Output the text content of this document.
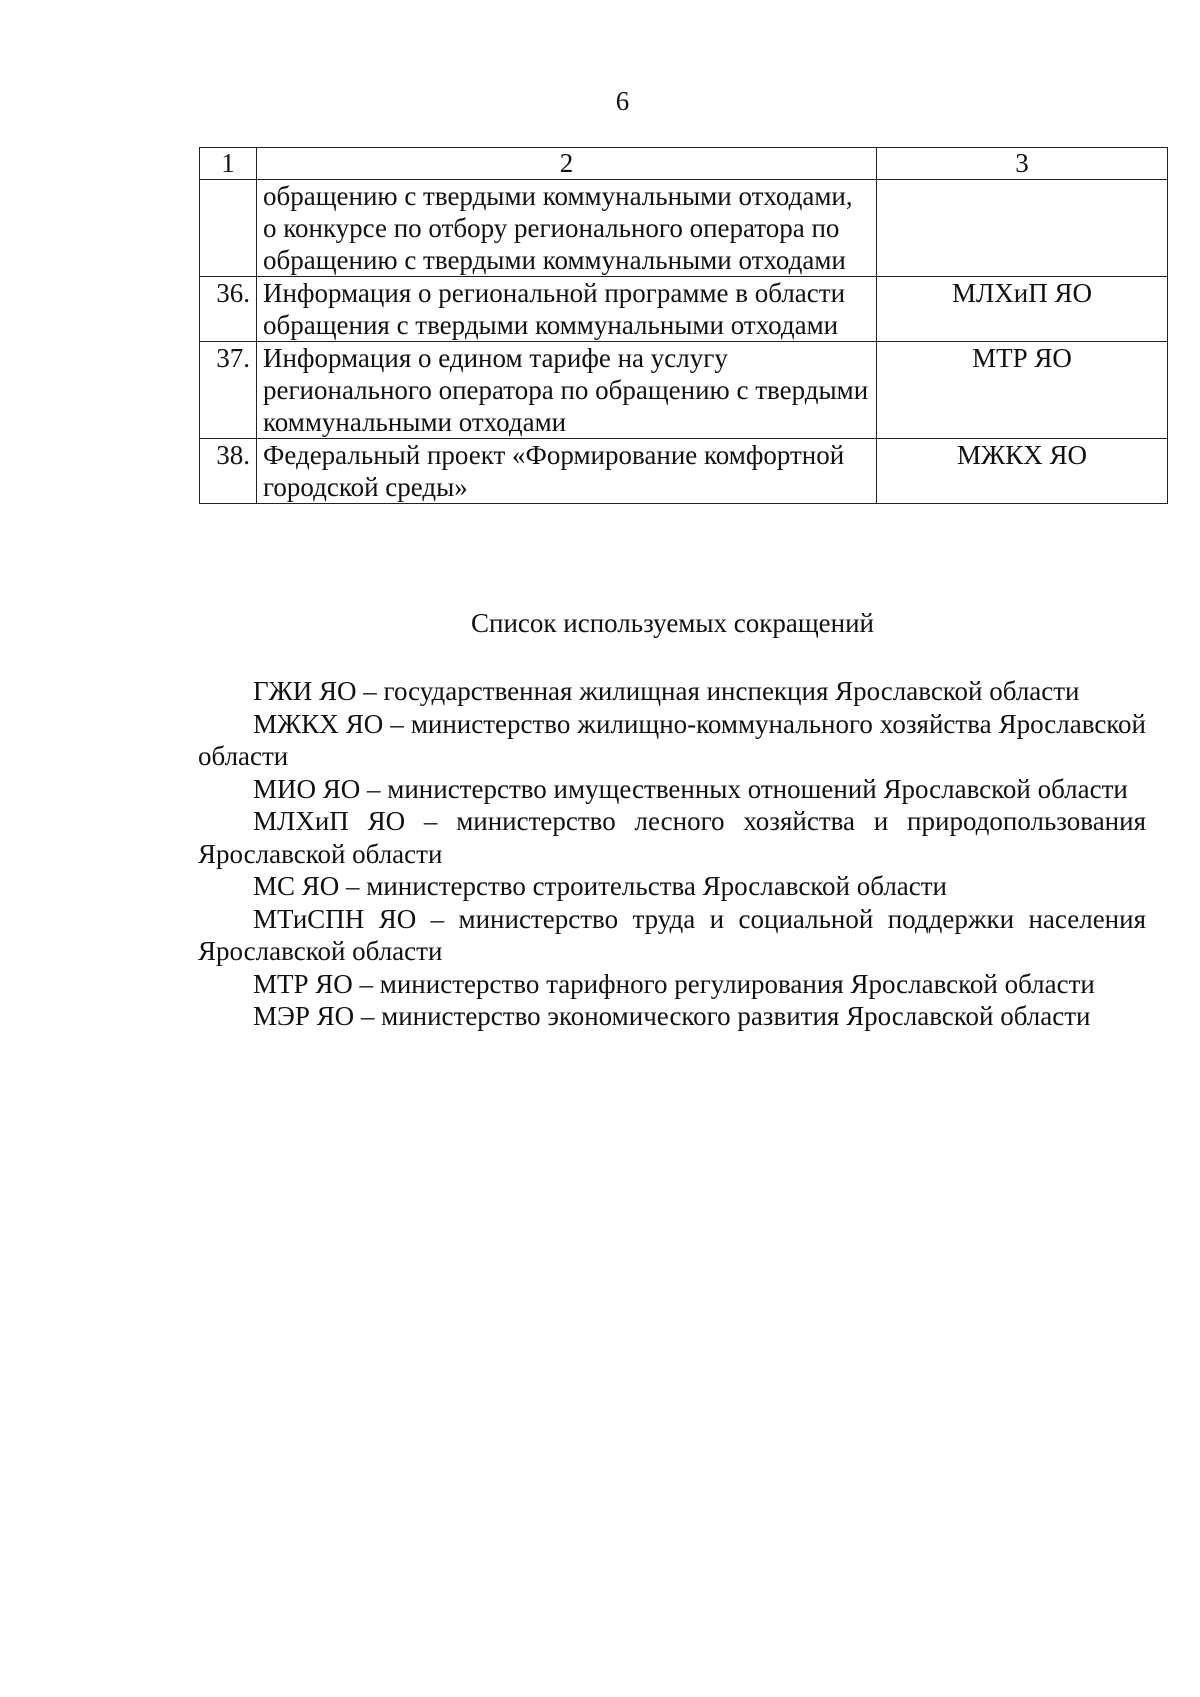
6
1	2	3
	обращению с твердыми коммунальными отходами, о конкурсе по отбору регионального оператора по обращению с твердыми коммунальными отходами	
36.	Информация о региональной программе в области обращения с твердыми коммунальными отходами	МЛХиП ЯО
37.	Информация о едином тарифе на услугу регионального оператора по обращению с твердыми коммунальными отходами	МТР ЯО
38.	Федеральный проект «Формирование комфортной городской среды»	МЖКХ ЯО
Список используемых сокращений

ГЖИ ЯО – государственная жилищная инспекция Ярославской области

МЖКХ ЯО – министерство жилищно-коммунального хозяйства Ярославской области

МИО ЯО – министерство имущественных отношений Ярославской области

МЛХиП ЯО – министерство лесного хозяйства и природопользования Ярославской области

МС ЯО – министерство строительства Ярославской области

МТиСПН ЯО – министерство труда и социальной поддержки населения Ярославской области

МТР ЯО – министерство тарифного регулирования Ярославской области

МЭР ЯО – министерство экономического развития Ярославской области
